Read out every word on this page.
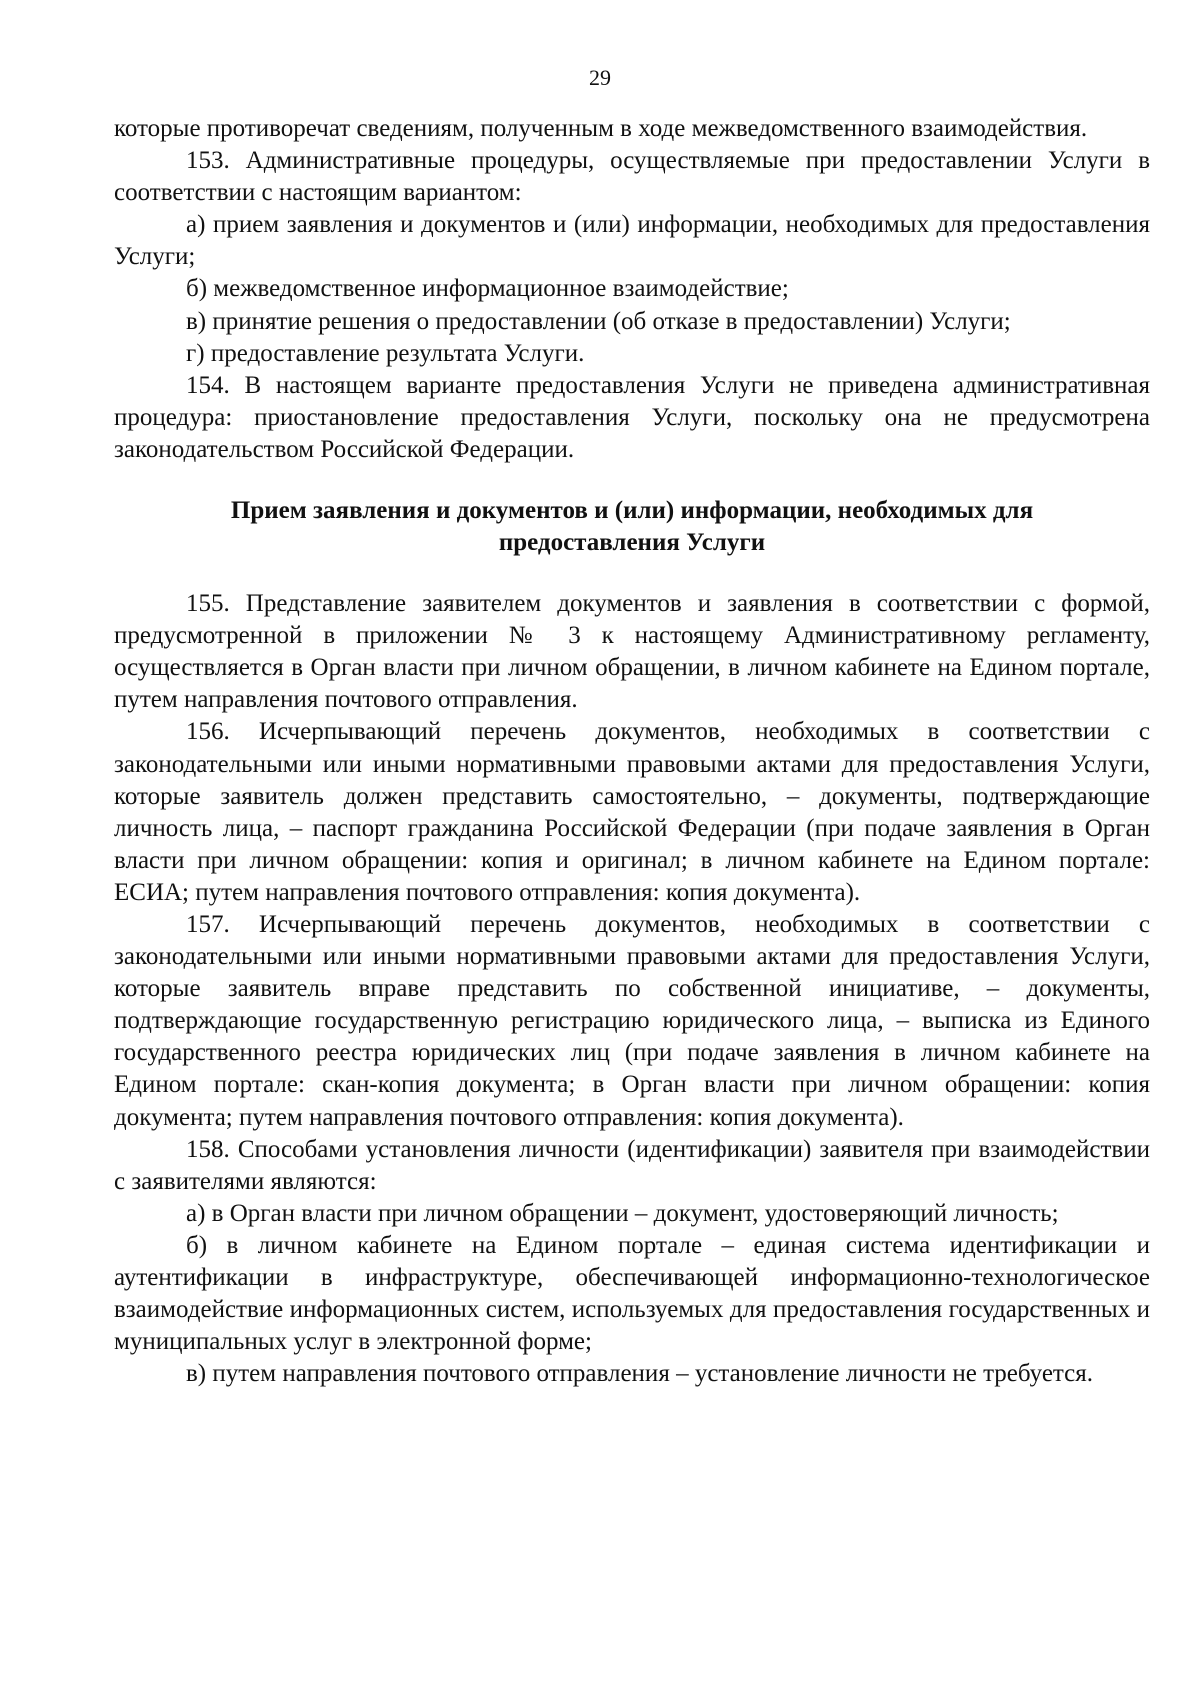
29

которые противоречат сведениям, полученным в ходе межведомственного взаимодействия.

153. Административные процедуры, осуществляемые при предоставлении Услуги в соответствии с настоящим вариантом:

а) прием заявления и документов и (или) информации, необходимых для предоставления Услуги;

б) межведомственное информационное взаимодействие;

в) принятие решения о предоставлении (об отказе в предоставлении) Услуги;

г) предоставление результата Услуги.

154. В настоящем варианте предоставления Услуги не приведена административная процедура: приостановление предоставления Услуги, поскольку она не предусмотрена законодательством Российской Федерации.

Прием заявления и документов и (или) информации, необходимых для
предоставления Услуги

155. Представление заявителем документов и заявления в соответствии с формой, предусмотренной в приложении № 3 к настоящему Административному регламенту, осуществляется в Орган власти при личном обращении, в личном кабинете на Едином портале, путем направления почтового отправления.

156. Исчерпывающий перечень документов, необходимых в соответствии с законодательными или иными нормативными правовыми актами для предоставления Услуги, которые заявитель должен представить самостоятельно, – документы, подтверждающие личность лица, – паспорт гражданина Российской Федерации (при подаче заявления в Орган власти при личном обращении: копия и оригинал; в личном кабинете на Едином портале: ЕСИА; путем направления почтового отправления: копия документа).

157. Исчерпывающий перечень документов, необходимых в соответствии с законодательными или иными нормативными правовыми актами для предоставления Услуги, которые заявитель вправе представить по собственной инициативе, – документы, подтверждающие государственную регистрацию юридического лица, – выписка из Единого государственного реестра юридических лиц (при подаче заявления в личном кабинете на Едином портале: скан-копия документа; в Орган власти при личном обращении: копия документа; путем направления почтового отправления: копия документа).

158. Способами установления личности (идентификации) заявителя при взаимодействии с заявителями являются:

а) в Орган власти при личном обращении – документ, удостоверяющий личность;

б) в личном кабинете на Едином портале – единая система идентификации и аутентификации в инфраструктуре, обеспечивающей информационно-технологическое взаимодействие информационных систем, используемых для предоставления государственных и муниципальных услуг в электронной форме;

в) путем направления почтового отправления – установление личности не требуется.
